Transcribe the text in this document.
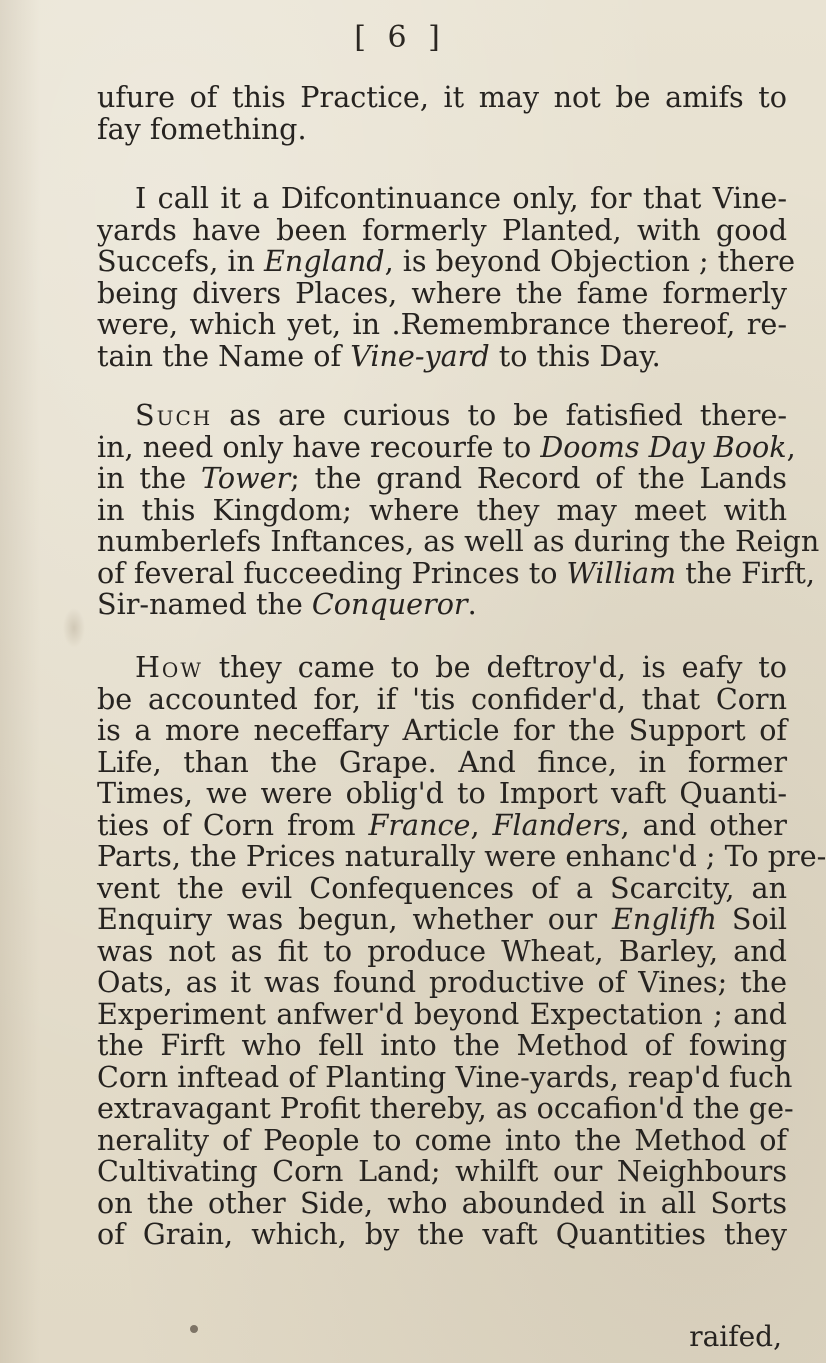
[ 6 ]
ufure of this Practice, it may not be amifs to
fay fomething.
I call it a Difcontinuance only, for that Vine-
yards have been formerly Planted, with good
Succefs, in England, is beyond Objection ; there
being divers Places, where the fame formerly
were, which yet, in .Remembrance thereof, re-
tain the Name of Vine-yard to this Day.
Such as are curious to be fatisfied there-
in, need only have recourfe to Dooms Day Book,
in the Tower; the grand Record of the Lands
in this Kingdom; where they may meet with
numberlefs Inftances, as well as during the Reign
of feveral fucceeding Princes to William the Firft,
Sir-named the Conqueror.
How they came to be deftroy'd, is eafy to
be accounted for, if 'tis confider'd, that Corn
is a more neceffary Article for the Support of
Life, than the Grape. And fince, in former
Times, we were oblig'd to Import vaft Quanti-
ties of Corn from France, Flanders, and other
Parts, the Prices naturally were enhanc'd ; To pre-
vent the evil Confequences of a Scarcity, an
Enquiry was begun, whether our Englifh Soil
was not as fit to produce Wheat, Barley, and
Oats, as it was found productive of Vines; the
Experiment anfwer'd beyond Expectation ; and
the Firft who fell into the Method of fowing
Corn inftead of Planting Vine-yards, reap'd fuch
extravagant Profit thereby, as occafion'd the ge-
nerality of People to come into the Method of
Cultivating Corn Land; whilft our Neighbours
on the other Side, who abounded in all Sorts
of Grain, which, by the vaft Quantities they
raifed,
